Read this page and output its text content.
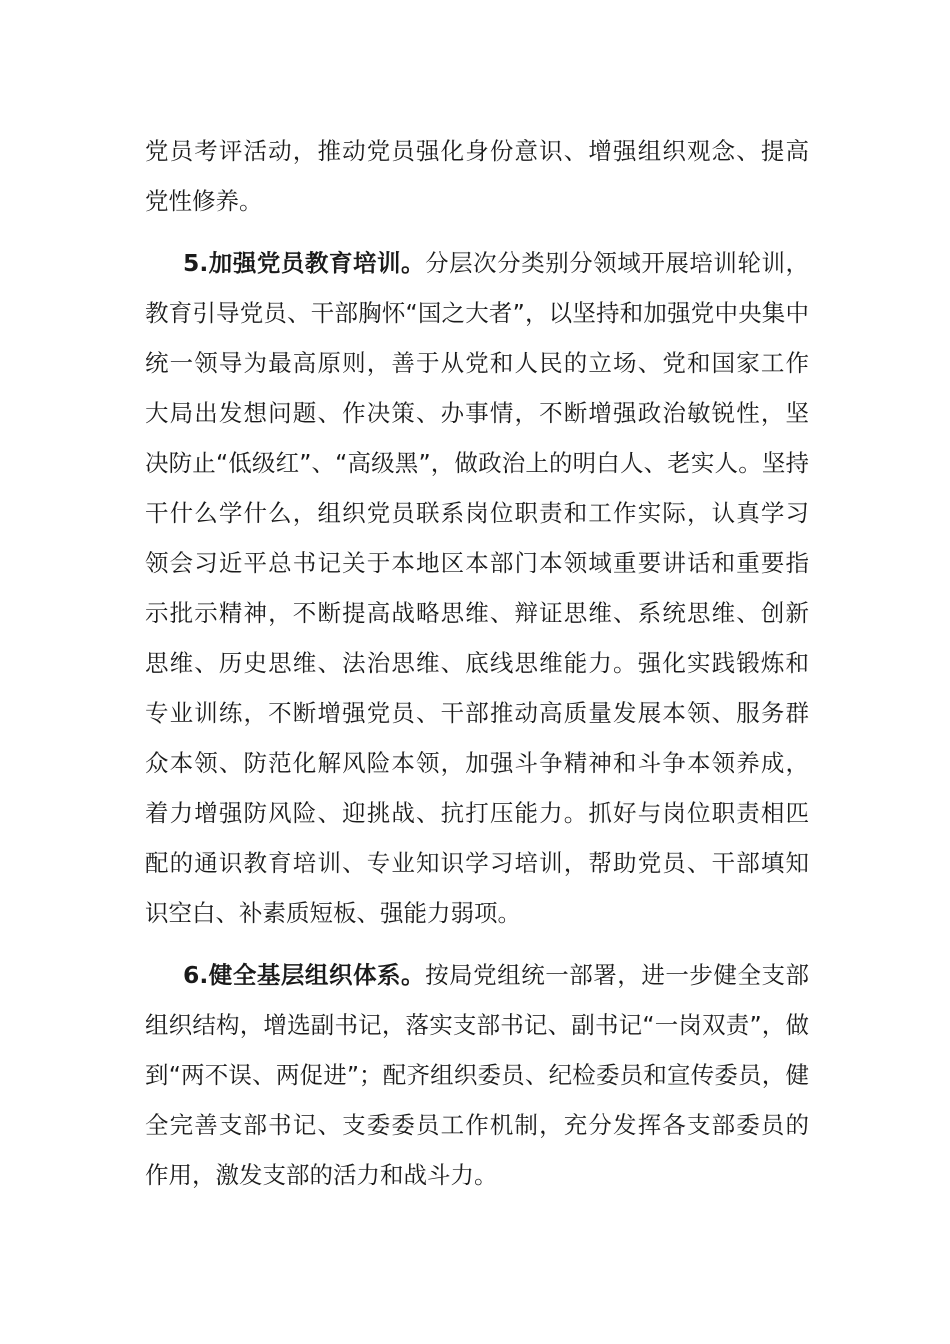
党员考评活动，推动党员强化身份意识、增强组织观念、提高
党性修养。
5.加强党员教育培训。分层次分类别分领域开展培训轮训，
教育引导党员、干部胸怀“国之大者”，以坚持和加强党中央集中
统一领导为最高原则，善于从党和人民的立场、党和国家工作
大局出发想问题、作决策、办事情，不断增强政治敏锐性，坚
决防止“低级红”、“高级黑”，做政治上的明白人、老实人。坚持
干什么学什么，组织党员联系岗位职责和工作实际，认真学习
领会习近平总书记关于本地区本部门本领域重要讲话和重要指
示批示精神，不断提高战略思维、辩证思维、系统思维、创新
思维、历史思维、法治思维、底线思维能力。强化实践锻炼和
专业训练，不断增强党员、干部推动高质量发展本领、服务群
众本领、防范化解风险本领，加强斗争精神和斗争本领养成，
着力增强防风险、迎挑战、抗打压能力。抓好与岗位职责相匹
配的通识教育培训、专业知识学习培训，帮助党员、干部填知
识空白、补素质短板、强能力弱项。
6.健全基层组织体系。按局党组统一部署，进一步健全支部
组织结构，增选副书记，落实支部书记、副书记“一岗双责”，做
到“两不误、两促进”；配齐组织委员、纪检委员和宣传委员，健
全完善支部书记、支委委员工作机制，充分发挥各支部委员的
作用，激发支部的活力和战斗力。
